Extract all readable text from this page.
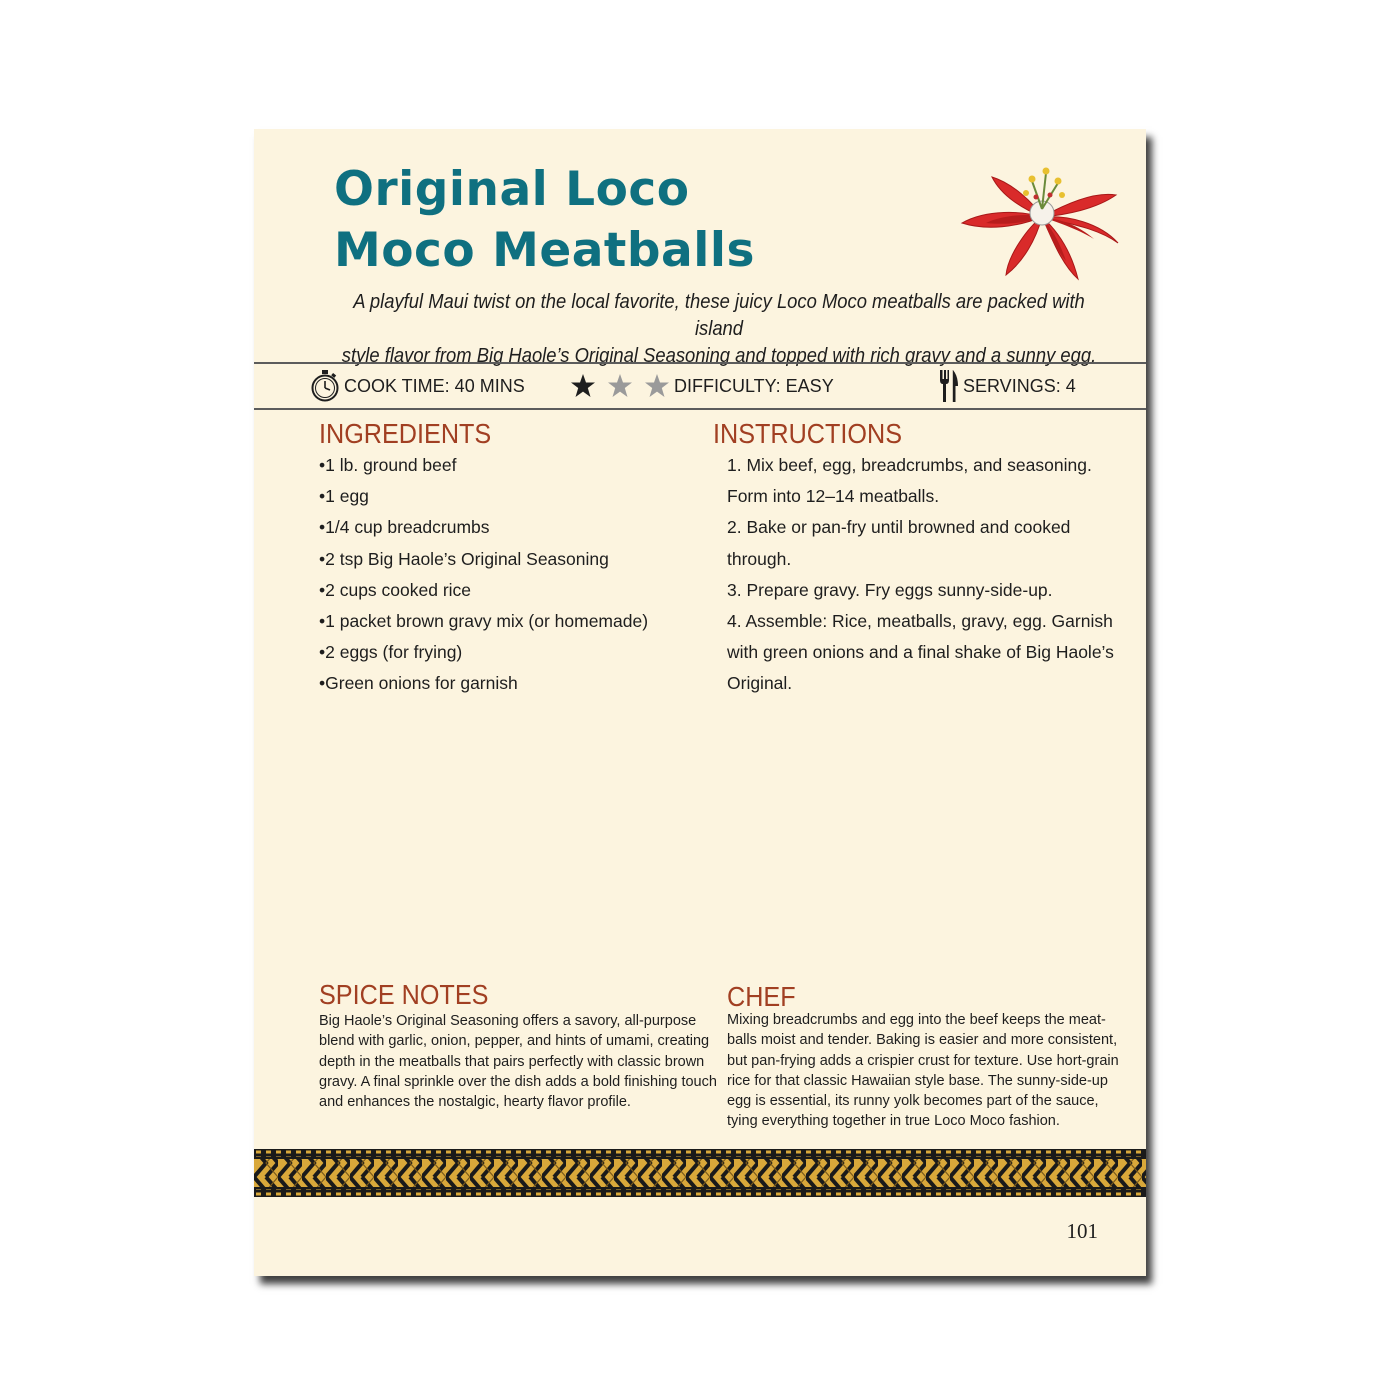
Original Loco
Moco Meatballs
A playful Maui twist on the local favorite, these juicy Loco Moco meatballs are packed with island
style flavor from Big Haole’s Original Seasoning and topped with rich gravy and a sunny egg.
COOK TIME: 40 MINS	DIFFICULTY: EASY	SERVINGS: 4
INGREDIENTS
•1 lb. ground beef
•1 egg
•1/4 cup breadcrumbs
•2 tsp Big Haole’s Original Seasoning
•2 cups cooked rice
•1 packet brown gravy mix (or homemade)
•2 eggs (for frying)
•Green onions for garnish
INSTRUCTIONS
1. Mix beef, egg, breadcrumbs, and seasoning.
Form into 12–14 meatballs.
2. Bake or pan-fry until browned and cooked
through.
3. Prepare gravy. Fry eggs sunny-side-up.
4. Assemble: Rice, meatballs, gravy, egg. Garnish
with green onions and a final shake of Big Haole’s
Original.
SPICE NOTES
Big Haole’s Original Seasoning offers a savory, all-purpose
blend with garlic, onion, pepper, and hints of umami, creating
depth in the meatballs that pairs perfectly with classic brown
gravy. A final sprinkle over the dish adds a bold finishing touch
and enhances the nostalgic, hearty flavor profile.
CHEF
Mixing breadcrumbs and egg into the beef keeps the meat-
balls moist and tender. Baking is easier and more consistent,
but pan-frying adds a crispier crust for texture. Use hort-grain
rice for that classic Hawaiian style base. The sunny-side-up
egg is essential, its runny yolk becomes part of the sauce,
tying everything together in true Loco Moco fashion.
101
